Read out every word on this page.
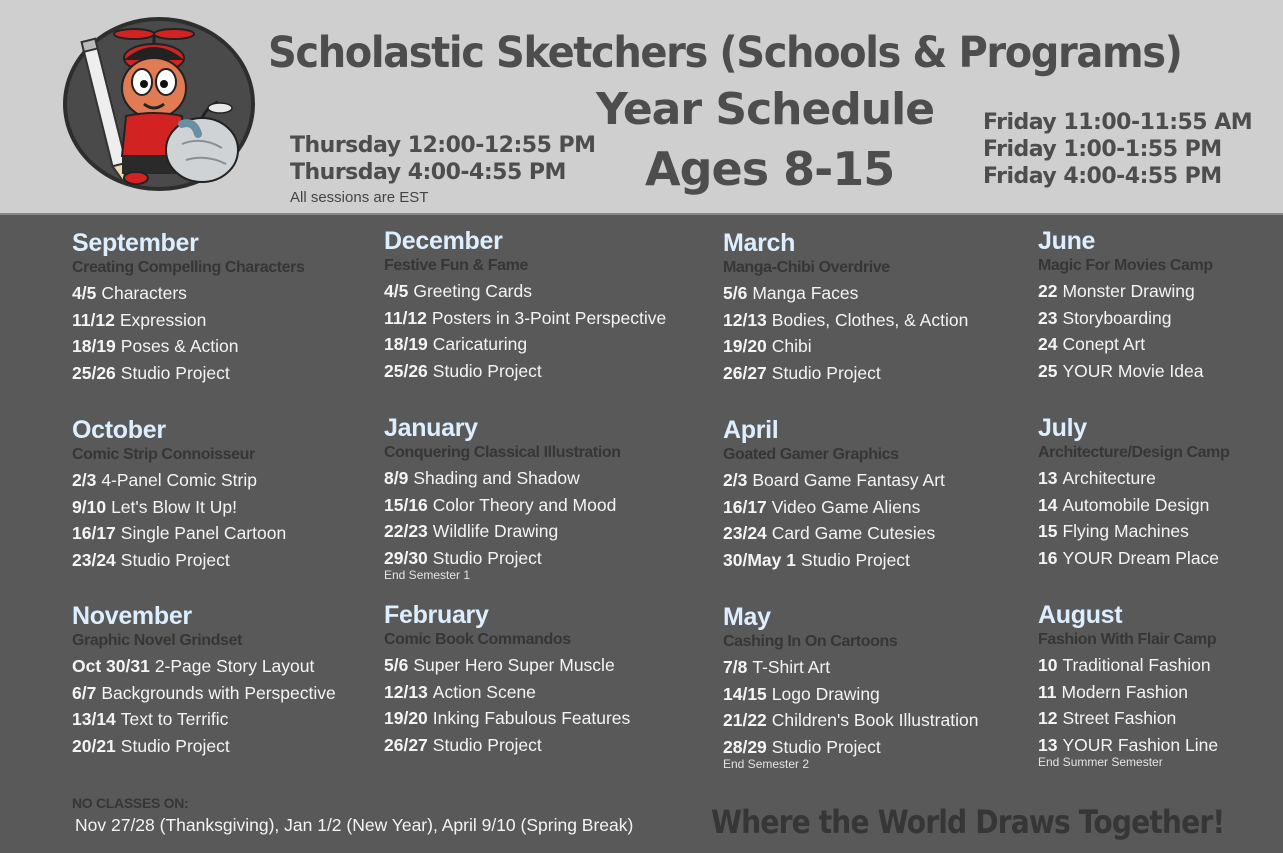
Scholastic Sketchers (Schools & Programs)
Year Schedule
Ages 8-15
Thursday 12:00-12:55 PM
Thursday 4:00-4:55 PM
All sessions are EST
Friday 11:00-11:55 AM
Friday 1:00-1:55 PM
Friday 4:00-4:55 PM
September
Creating Compelling Characters
4/5 Characters
11/12 Expression
18/19 Poses & Action
25/26 Studio Project
October
Comic Strip Connoisseur
2/3 4-Panel Comic Strip
9/10 Let's Blow It Up!
16/17 Single Panel Cartoon
23/24 Studio Project
November
Graphic Novel Grindset
Oct 30/31 2-Page Story Layout
6/7 Backgrounds with Perspective
13/14 Text to Terrific
20/21 Studio Project
December
Festive Fun & Fame
4/5 Greeting Cards
11/12 Posters in 3-Point Perspective
18/19 Caricaturing
25/26 Studio Project
January
Conquering Classical Illustration
8/9 Shading and Shadow
15/16 Color Theory and Mood
22/23 Wildlife Drawing
29/30 Studio Project
End Semester 1
February
Comic Book Commandos
5/6 Super Hero Super Muscle
12/13 Action Scene
19/20 Inking Fabulous Features
26/27 Studio Project
March
Manga-Chibi Overdrive
5/6 Manga Faces
12/13 Bodies, Clothes, & Action
19/20 Chibi
26/27 Studio Project
April
Goated Gamer Graphics
2/3 Board Game Fantasy Art
16/17 Video Game Aliens
23/24 Card Game Cutesies
30/May 1 Studio Project
May
Cashing In On Cartoons
7/8 T-Shirt Art
14/15 Logo Drawing
21/22 Children's Book Illustration
28/29 Studio Project
End Semester 2
June
Magic For Movies Camp
22 Monster Drawing
23 Storyboarding
24 Conept Art
25 YOUR Movie Idea
July
Architecture/Design Camp
13 Architecture
14 Automobile Design
15 Flying Machines
16 YOUR Dream Place
August
Fashion With Flair Camp
10 Traditional Fashion
11 Modern Fashion
12 Street Fashion
13 YOUR Fashion Line
End Summer Semester
NO CLASSES ON:
Nov 27/28 (Thanksgiving), Jan 1/2 (New Year), April 9/10 (Spring Break) Where the World Draws Together!
